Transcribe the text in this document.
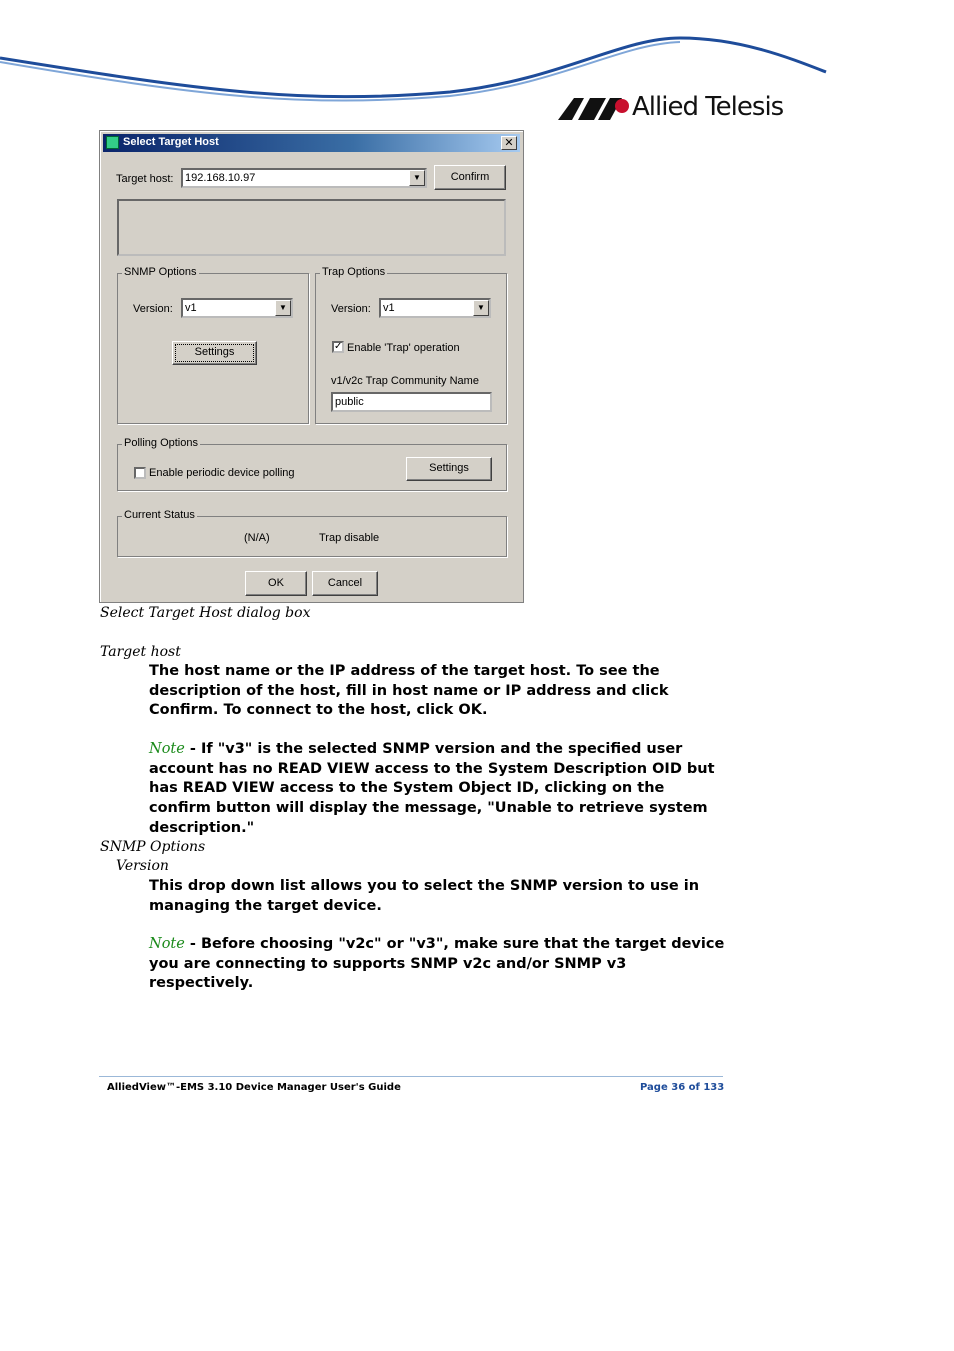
Allied Telesis
Select Target Host	✕
Target host:	192.168.10.97	▼	Confirm
SNMP Options
Version:	v1	▼
Settings
Trap Options
Version:	v1	▼
✓ Enable 'Trap' operation
v1/v2c Trap Community Name
public
Polling Options
Enable periodic device polling	Settings
Current Status
(N/A)	Trap disable
OK	Cancel
Select Target Host dialog box
Target host
The host name or the IP address of the target host. To see the description of the host, fill in host name or IP address and click Confirm. To connect to the host, click OK.
Note - If "v3" is the selected SNMP version and the specified user account has no READ VIEW access to the System Description OID but has READ VIEW access to the System Object ID, clicking on the confirm button will display the message, "Unable to retrieve system description."
SNMP Options
Version
This drop down list allows you to select the SNMP version to use in managing the target device.
Note - Before choosing "v2c" or "v3", make sure that the target device you are connecting to supports SNMP v2c and/or SNMP v3 respectively.
AlliedView™-EMS 3.10 Device Manager User's Guide	Page 36 of 133
